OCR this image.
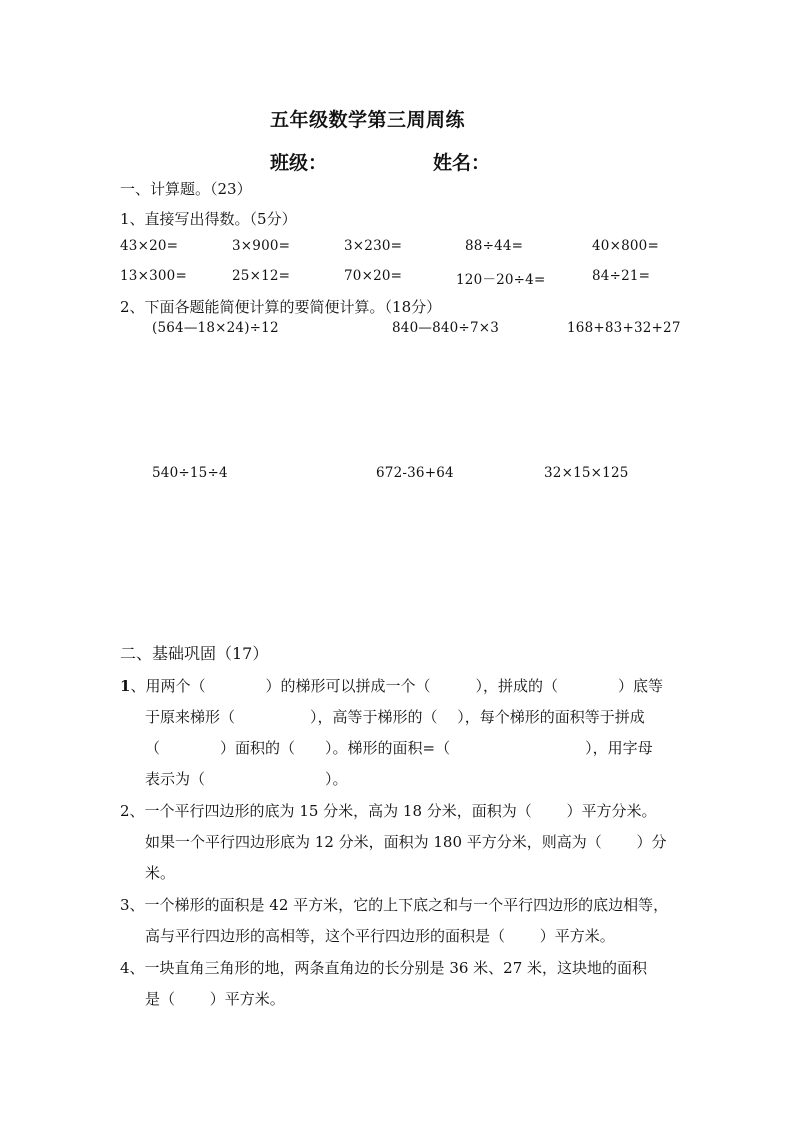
五年级数学第三周周练
班级：	姓名：
一、计算题。（23）
1、直接写出得数。（5分）
43×20=	3×900=	3×230=	88÷44=	40×800=
13×300=	25×12=	70×20=	120－20÷4=	84÷21=
2、下面各题能简便计算的要简便计算。（18分）
(564—18×24)÷12	840—840÷7×3	168+83+32+27
540÷15÷4	672-36+64	32×15×125
二、基础巩固（17）
1、用两个（　　　　）的梯形可以拼成一个（　　　），拼成的（　　　　）底等
于原来梯形（　　　　　），高等于梯形的（　 ），每个梯形的面积等于拼成
（　　　　）面积的（　　）。梯形的面积=（　　　　　　　　　），用字母
表示为（　　　　　　　　）。
2、一个平行四边形的底为 15 分米，高为 18 分米，面积为（　　 ）平方分米。
如果一个平行四边形底为 12 分米，面积为 180 平方分米，则高为（　　 ）分
米。
3、一个梯形的面积是 42 平方米，它的上下底之和与一个平行四边形的底边相等，
高与平行四边形的高相等，这个平行四边形的面积是（　　 ）平方米。
4、一块直角三角形的地，两条直角边的长分别是 36 米、27 米，这块地的面积
是（　　 ）平方米。
